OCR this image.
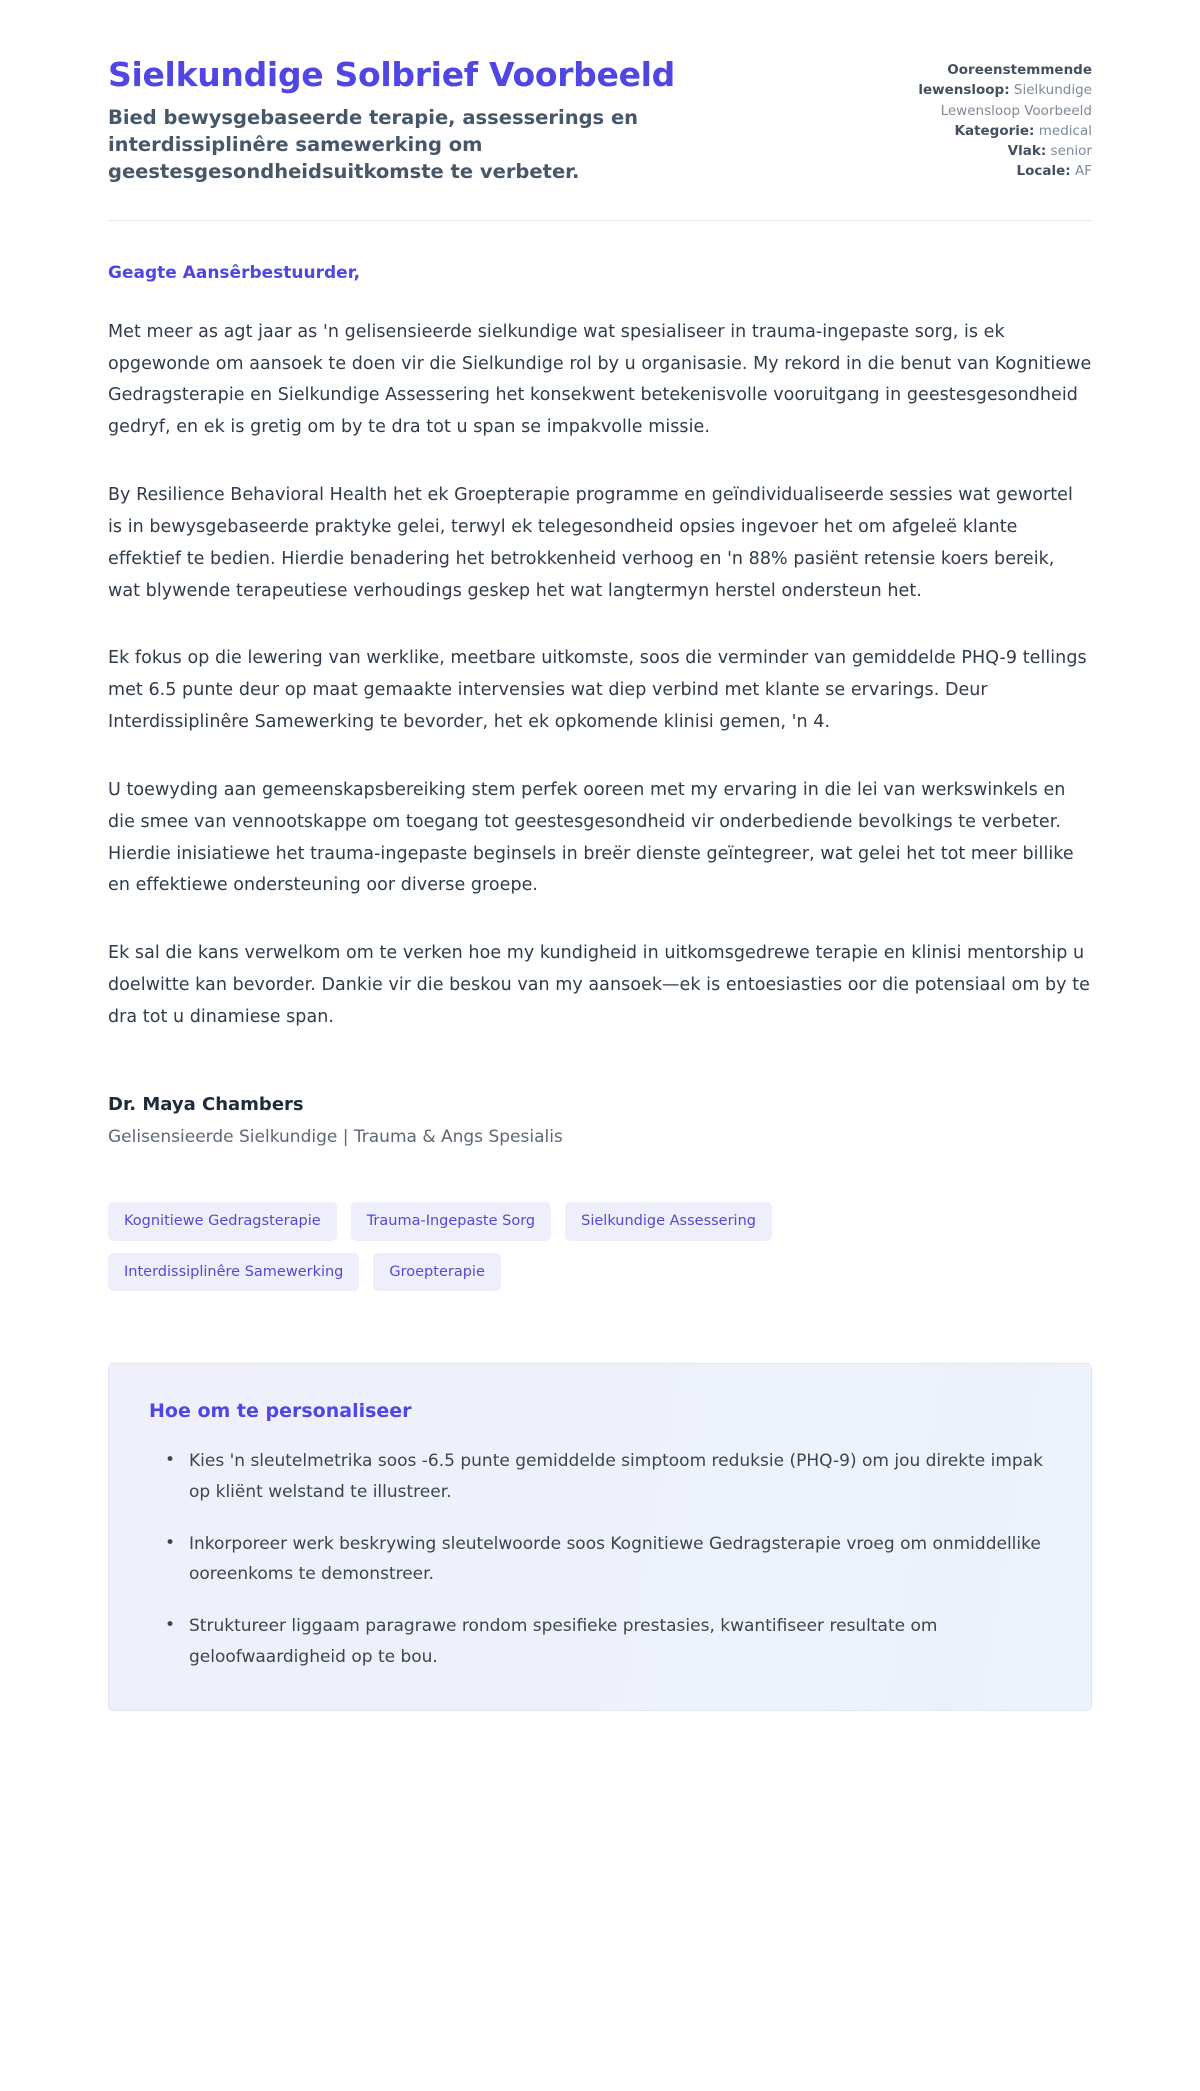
Sielkundige Solbrief Voorbeeld

Bied bewysgebaseerde terapie, assesserings en interdissiplinêre samewerking om geestesgesondheidsuitkomste te verbeter.

Ooreenstemmende lewensloop: Sielkundige Lewensloop Voorbeeld
Kategorie: medical
Vlak: senior
Locale: AF

Geagte Aansêrbestuurder,

Met meer as agt jaar as 'n gelisensieerde sielkundige wat spesialiseer in trauma-ingepaste sorg, is ek opgewonde om aansoek te doen vir die Sielkundige rol by u organisasie. My rekord in die benut van Kognitiewe Gedragsterapie en Sielkundige Assessering het konsekwent betekenisvolle vooruitgang in geestesgesondheid gedryf, en ek is gretig om by te dra tot u span se impakvolle missie.

By Resilience Behavioral Health het ek Groepterapie programme en geïndividualiseerde sessies wat gewortel is in bewysgebaseerde praktyke gelei, terwyl ek telegesondheid opsies ingevoer het om afgeleë klante effektief te bedien. Hierdie benadering het betrokkenheid verhoog en 'n 88% pasiënt retensie koers bereik, wat blywende terapeutiese verhoudings geskep het wat langtermyn herstel ondersteun het.

Ek fokus op die lewering van werklike, meetbare uitkomste, soos die verminder van gemiddelde PHQ-9 tellings met 6.5 punte deur op maat gemaakte intervensies wat diep verbind met klante se ervarings. Deur Interdissiplinêre Samewerking te bevorder, het ek opkomende klinisi gemen, 'n 4.

U toewyding aan gemeenskapsbereiking stem perfek ooreen met my ervaring in die lei van werkswinkels en die smee van vennootskappe om toegang tot geestesgesondheid vir onderbediende bevolkings te verbeter. Hierdie inisiatiewe het trauma-ingepaste beginsels in breër dienste geïntegreer, wat gelei het tot meer billike en effektiewe ondersteuning oor diverse groepe.

Ek sal die kans verwelkom om te verken hoe my kundigheid in uitkomsgedrewe terapie en klinisi mentorship u doelwitte kan bevorder. Dankie vir die beskou van my aansoek—ek is entoesiasties oor die potensiaal om by te dra tot u dinamiese span.

Dr. Maya Chambers

Gelisensieerde Sielkundige | Trauma & Angs Spesialis

Kognitiewe Gedragsterapie	Trauma-Ingepaste Sorg	Sielkundige Assessering
Interdissiplinêre Samewerking	Groepterapie
Hoe om te personaliseer
• Kies 'n sleutelmetrika soos -6.5 punte gemiddelde simptoom reduksie (PHQ-9) om jou direkte impak op kliënt welstand te illustreer.
• Inkorporeer werk beskrywing sleutelwoorde soos Kognitiewe Gedragsterapie vroeg om onmiddellike ooreenkoms te demonstreer.
• Struktureer liggaam paragrawe rondom spesifieke prestasies, kwantifiseer resultate om geloofwaardigheid op te bou.
